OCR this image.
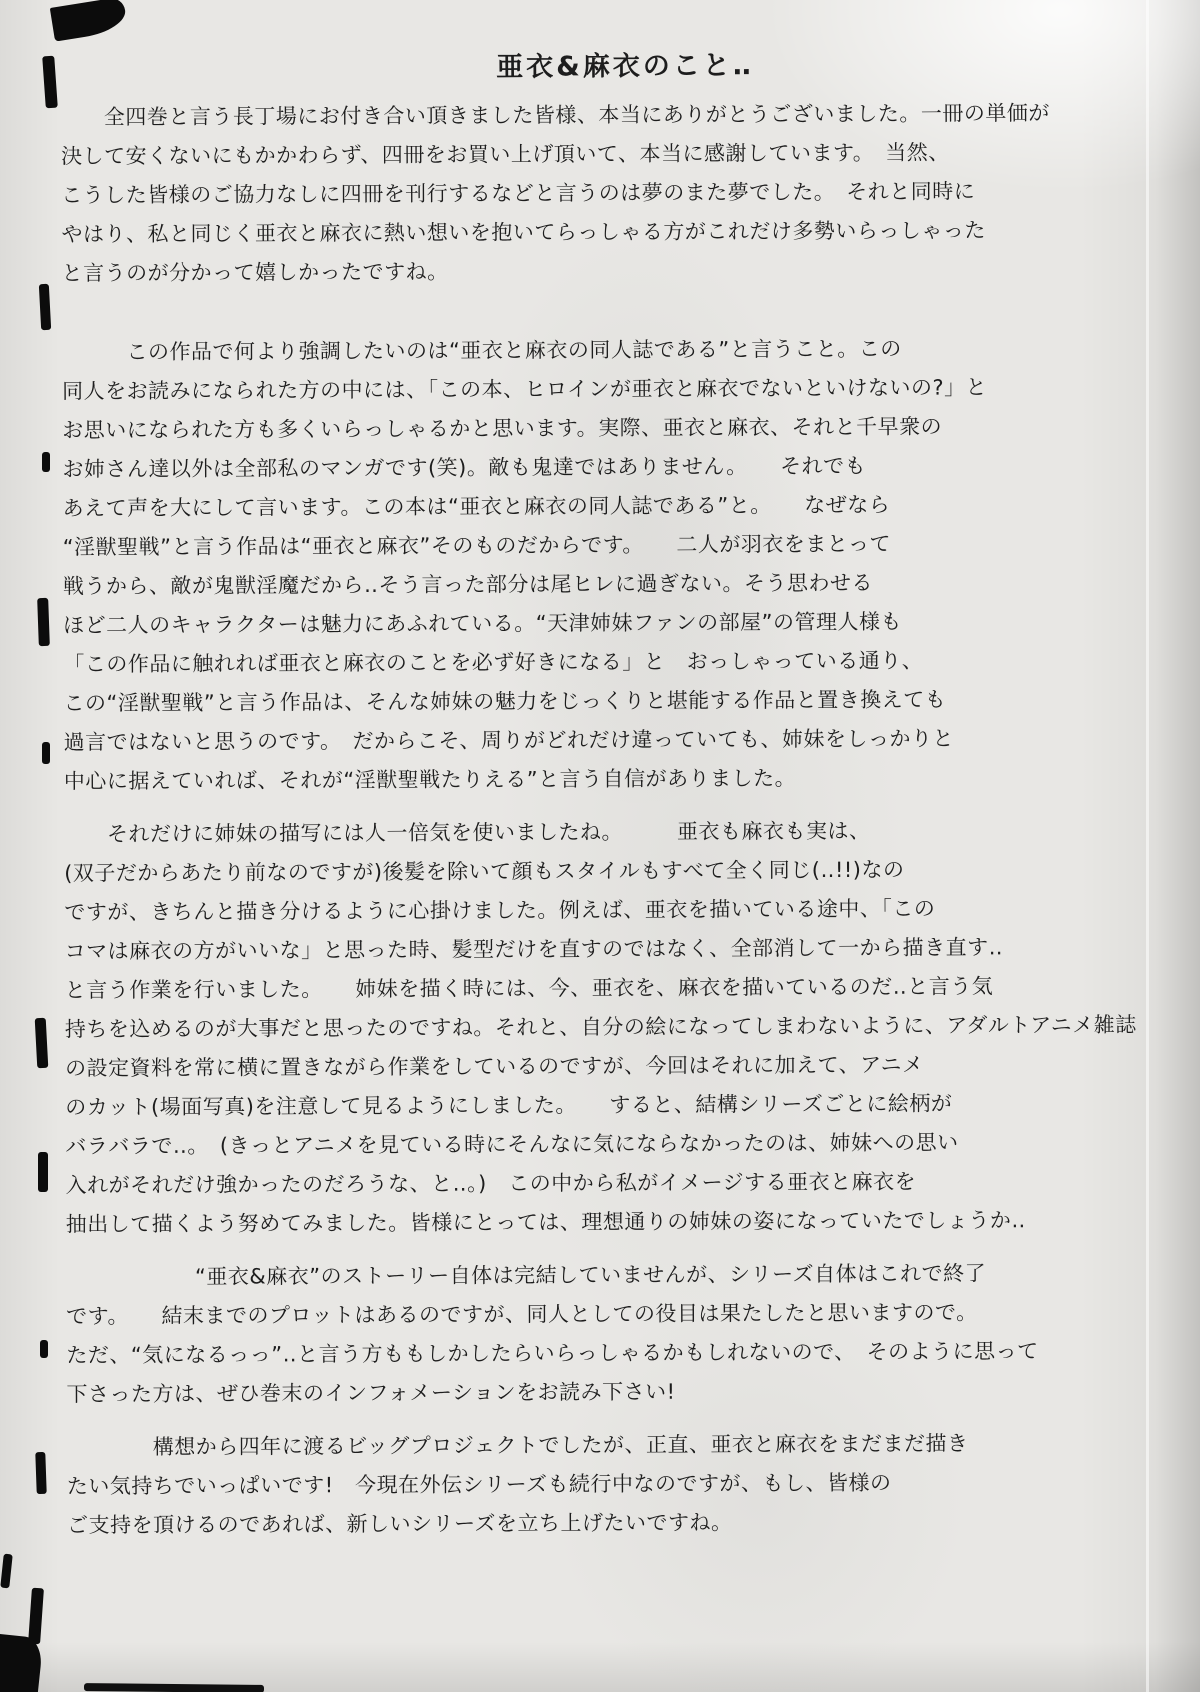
亜衣&麻衣のこと‥
　　全四巻と言う長丁場にお付き合い頂きました皆様、本当にありがとうございました。一冊の単価が
決して安くないにもかかわらず、四冊をお買い上げ頂いて、本当に感謝しています。　当然、
こうした皆様のご協力なしに四冊を刊行するなどと言うのは夢のまた夢でした。　それと同時に
やはり、私と同じく亜衣と麻衣に熱い想いを抱いてらっしゃる方がこれだけ多勢いらっしゃった
と言うのが分かって嬉しかったですね。
　　　この作品で何より強調したいのは“亜衣と麻衣の同人誌である”と言うこと。この
同人をお読みになられた方の中には、「この本、ヒロインが亜衣と麻衣でないといけないの?」と
お思いになられた方も多くいらっしゃるかと思います。実際、亜衣と麻衣、それと千早衆の
お姉さん達以外は全部私のマンガです(笑)。敵も鬼達ではありません。　　それでも
あえて声を大にして言います。この本は“亜衣と麻衣の同人誌である”と。　　なぜなら
“淫獣聖戦”と言う作品は“亜衣と麻衣”そのものだからです。　　二人が羽衣をまとって
戦うから、敵が鬼獣淫魔だから‥そう言った部分は尾ヒレに過ぎない。そう思わせる
ほど二人のキャラクターは魅力にあふれている。“天津姉妹ファンの部屋”の管理人様も
「この作品に触れれば亜衣と麻衣のことを必ず好きになる」と　おっしゃっている通り、
この“淫獣聖戦”と言う作品は、そんな姉妹の魅力をじっくりと堪能する作品と置き換えても
過言ではないと思うのです。　だからこそ、周りがどれだけ違っていても、姉妹をしっかりと
中心に据えていれば、それが“淫獣聖戦たりえる”と言う自信がありました。
　　それだけに姉妹の描写には人一倍気を使いましたね。　　　亜衣も麻衣も実は、
(双子だからあたり前なのですが)後髪を除いて顔もスタイルもすべて全く同じ(‥!!)なの
ですが、きちんと描き分けるように心掛けました。例えば、亜衣を描いている途中、「この
コマは麻衣の方がいいな」と思った時、髪型だけを直すのではなく、全部消して一から描き直す‥
と言う作業を行いました。　　姉妹を描く時には、今、亜衣を、麻衣を描いているのだ‥と言う気
持ちを込めるのが大事だと思ったのですね。それと、自分の絵になってしまわないように、アダルトアニメ雑誌
の設定資料を常に横に置きながら作業をしているのですが、今回はそれに加えて、アニメ
のカット(場面写真)を注意して見るようにしました。　　すると、結構シリーズごとに絵柄が
バラバラで‥。　(きっとアニメを見ている時にそんなに気にならなかったのは、姉妹への思い
入れがそれだけ強かったのだろうな、と‥。)　この中から私がイメージする亜衣と麻衣を
抽出して描くよう努めてみました。皆様にとっては、理想通りの姉妹の姿になっていたでしょうか‥
　　　　　　“亜衣&麻衣”のストーリー自体は完結していませんが、シリーズ自体はこれで終了
です。　　結末までのプロットはあるのですが、同人としての役目は果たしたと思いますので。
ただ、“気になるっっ”‥と言う方ももしかしたらいらっしゃるかもしれないので、　そのように思って
下さった方は、ぜひ巻末のインフォメーションをお読み下さい!
　　　　構想から四年に渡るビッグプロジェクトでしたが、正直、亜衣と麻衣をまだまだ描き
たい気持ちでいっぱいです!　今現在外伝シリーズも続行中なのですが、もし、皆様の
ご支持を頂けるのであれば、新しいシリーズを立ち上げたいですね。
